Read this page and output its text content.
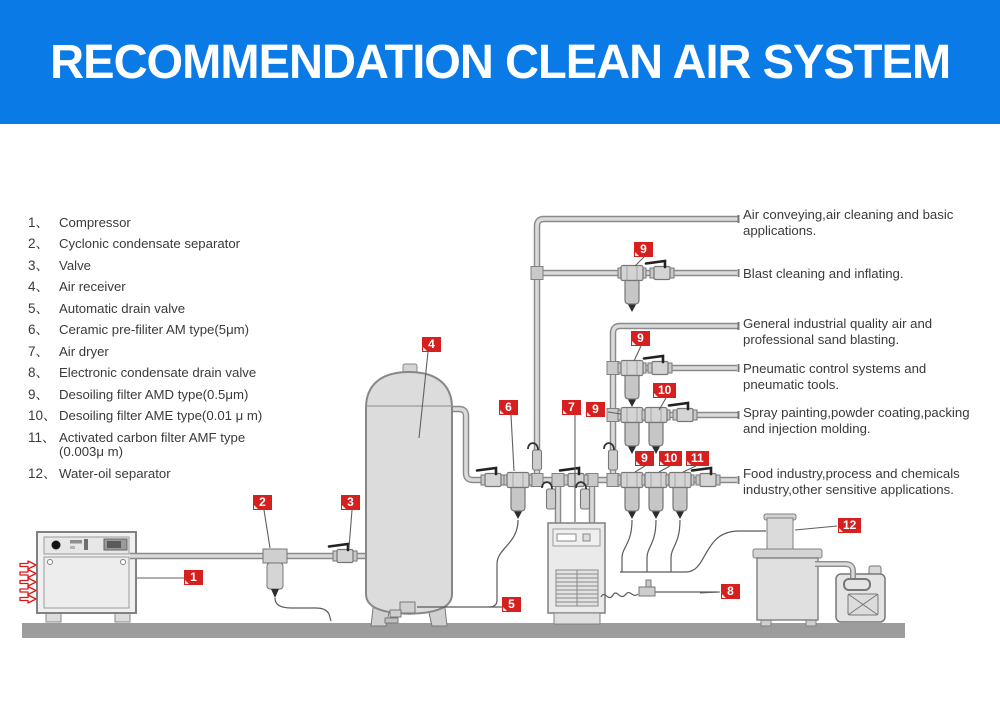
RECOMMENDATION CLEAN AIR SYSTEM
1、 Compressor
2、 Cyclonic condensate separator
3、 Valve
4、 Air receiver
5、 Automatic drain valve
6、 Ceramic pre-filiter AM type(5μm)
7、 Air dryer
8、 Electronic condensate drain valve
9、 Desoiling filter AMD type(0.5μm)
10、 Desoiling filter AME type(0.01 μ m)
11、 Activated carbon filter AMF type
(0.003μ m)
12、 Water-oil separator
Air conveying,air cleaning and basic applications.
Blast cleaning and inflating.
General industrial quality air and professional sand blasting.
Pneumatic control systems and pneumatic tools.
Spray painting,powder coating,packing and injection molding.
Food industry,process and chemicals industry,other sensitive applications.
1
2	3
4
5
6	7	9
10
9
9
9	10	11
8
12
